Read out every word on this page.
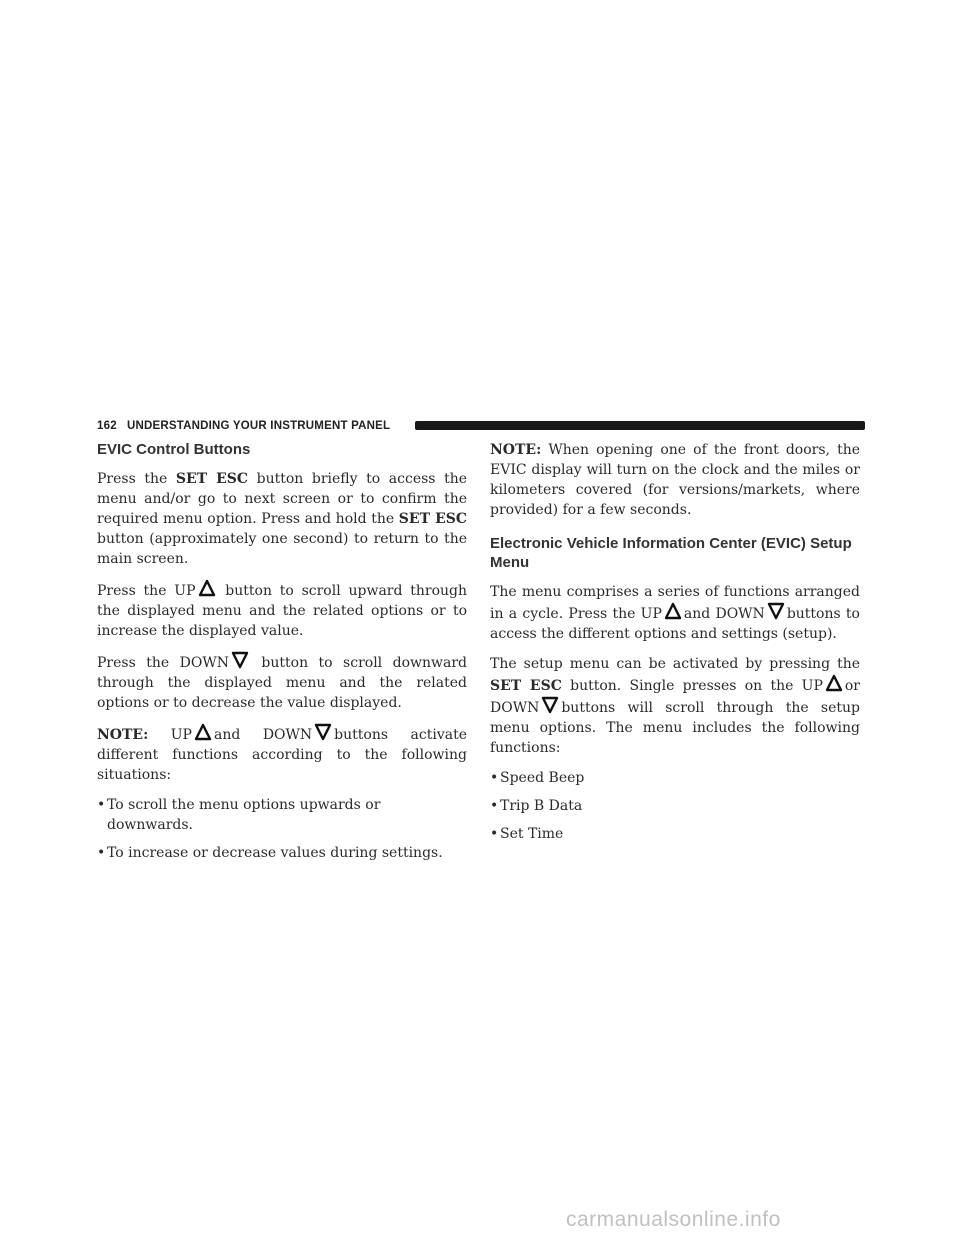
162 UNDERSTANDING YOUR INSTRUMENT PANEL
EVIC Control Buttons

Press the SET ESC button briefly to access the menu and/or go to next screen or to confirm the required menu option. Press and hold the SET ESC button (approximately one second) to return to the main screen.

Press the UP
button to scroll upward through the displayed menu and the related options or to increase the displayed value.

Press the DOWN
button to scroll downward through the displayed menu and the related options or to decrease the value displayed.

NOTE: UP and DOWN buttons activate different functions according to the following situations:

• To scroll the menu options upwards or downwards.
• To increase or decrease values during settings.

NOTE: When opening one of the front doors, the EVIC display will turn on the clock and the miles or kilometers covered (for versions/markets, where provided) for a few seconds.

Electronic Vehicle Information Center (EVIC) Setup Menu

The menu comprises a series of functions arranged in a cycle. Press the UP and DOWN buttons to access the different options and settings (setup).

The setup menu can be activated by pressing the SET ESC button. Single presses on the UP or DOWN buttons will scroll through the setup menu options. The menu includes the following functions:

• Speed Beep
• Trip B Data
• Set Time
carmanualsonline.info
